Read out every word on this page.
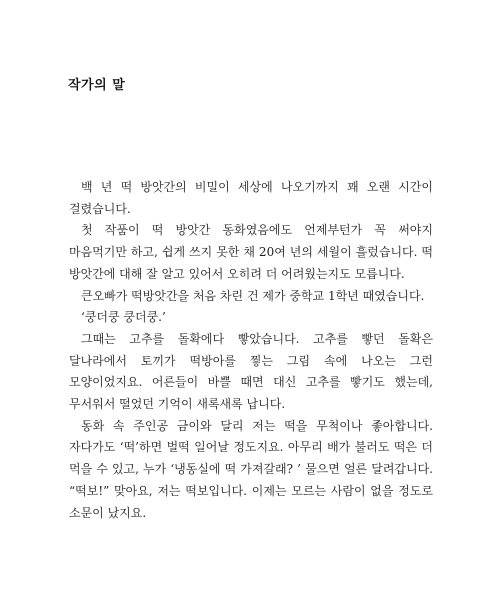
작가의 말

백 년 떡 방앗간의 비밀이 세상에 나오기까지 꽤 오랜 시간이 걸렸습니다.

첫 작품이 떡 방앗간 동화였음에도 언제부턴가 꼭 써야지 마음먹기만 하고, 쉽게 쓰지 못한 채 20여 년의 세월이 흘렀습니다. 떡 방앗간에 대해 잘 알고 있어서 오히려 더 어려웠는지도 모릅니다.

큰오빠가 떡방앗간을 처음 차린 건 제가 중학교 1학년 때였습니다.

‘쿵더쿵 쿵더쿵.’

그때는 고추를 돌확에다 빻았습니다. 고추를 빻던 돌확은 달나라에서 토끼가 떡방아를 찧는 그림 속에 나오는 그런 모양이었지요. 어른들이 바쁠 때면 대신 고추를 빻기도 했는데, 무서워서 떨었던 기억이 새록새록 납니다.

동화 속 주인공 금이와 달리 저는 떡을 무척이나 좋아합니다. 자다가도 ‘떡’하면 벌떡 일어날 정도지요. 아무리 배가 불러도 떡은 더 먹을 수 있고, 누가 ‘냉동실에 떡 가져갈래? ’ 물으면 얼른 달려갑니다. “떡보!” 맞아요, 저는 떡보입니다. 이제는 모르는 사람이 없을 정도로 소문이 났지요.
